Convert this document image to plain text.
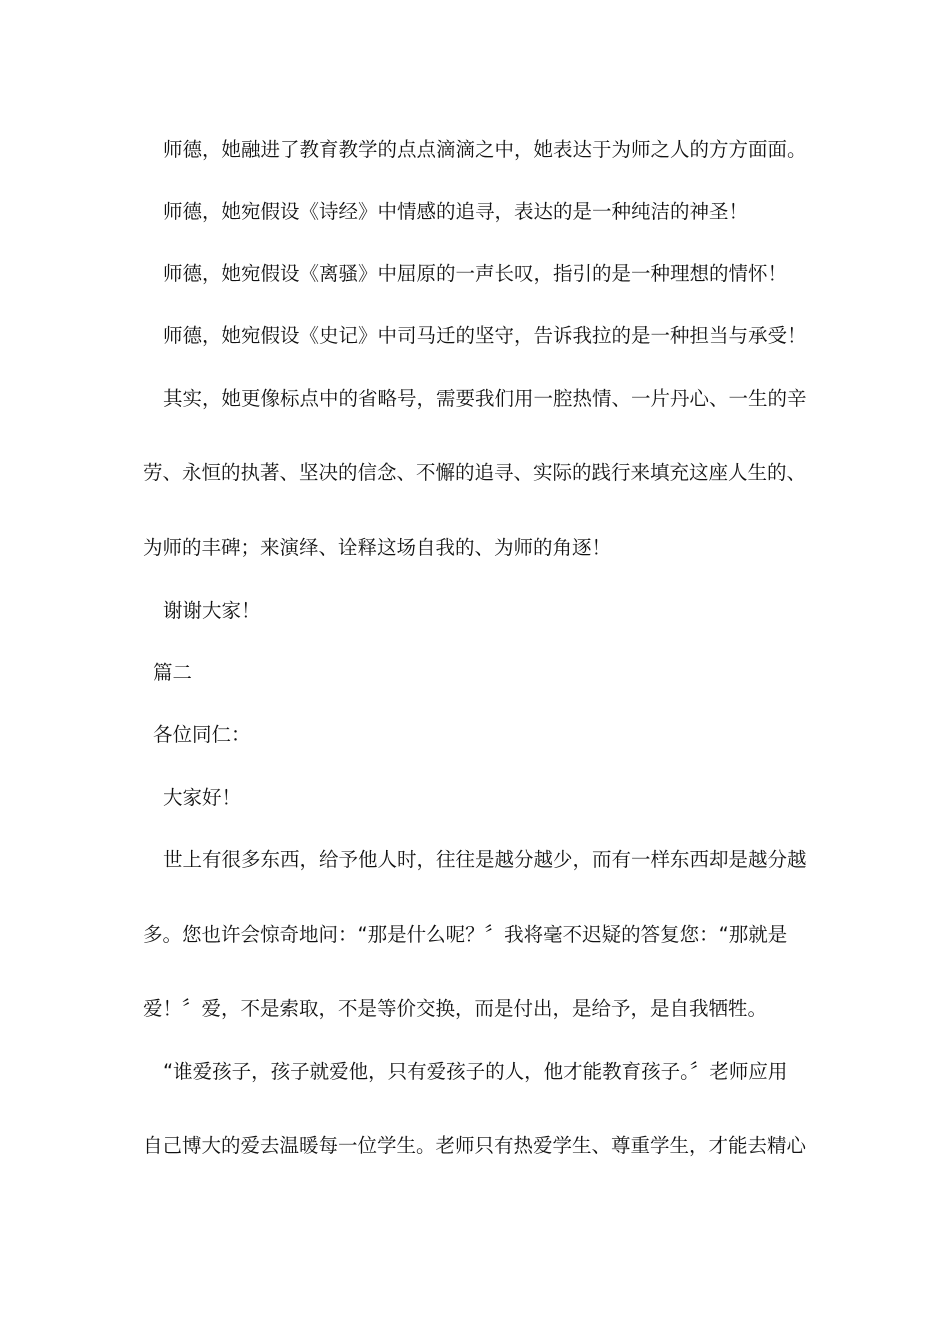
师德，她融进了教育教学的点点滴滴之中，她表达于为师之人的方方面面。
师德，她宛假设《诗经》中情感的追寻，表达的是一种纯洁的神圣！
师德，她宛假设《离骚》中屈原的一声长叹，指引的是一种理想的情怀！
师德，她宛假设《史记》中司马迁的坚守，告诉我拉的是一种担当与承受！
其实，她更像标点中的省略号，需要我们用一腔热情、一片丹心、一生的辛
劳、永恒的执著、坚决的信念、不懈的追寻、实际的践行来填充这座人生的、
为师的丰碑；来演绎、诠释这场自我的、为师的角逐！
谢谢大家！
篇二
各位同仁：
大家好！
世上有很多东西，给予他人时，往往是越分越少，而有一样东西却是越分越
多。您也许会惊奇地问：“那是什么呢？〞我将毫不迟疑的答复您：“那就是
爱！〞爱，不是索取，不是等价交换，而是付出，是给予，是自我牺牲。
“谁爱孩子，孩子就爱他，只有爱孩子的人，他才能教育孩子。〞老师应用
自己博大的爱去温暖每一位学生。老师只有热爱学生、尊重学生，才能去精心
